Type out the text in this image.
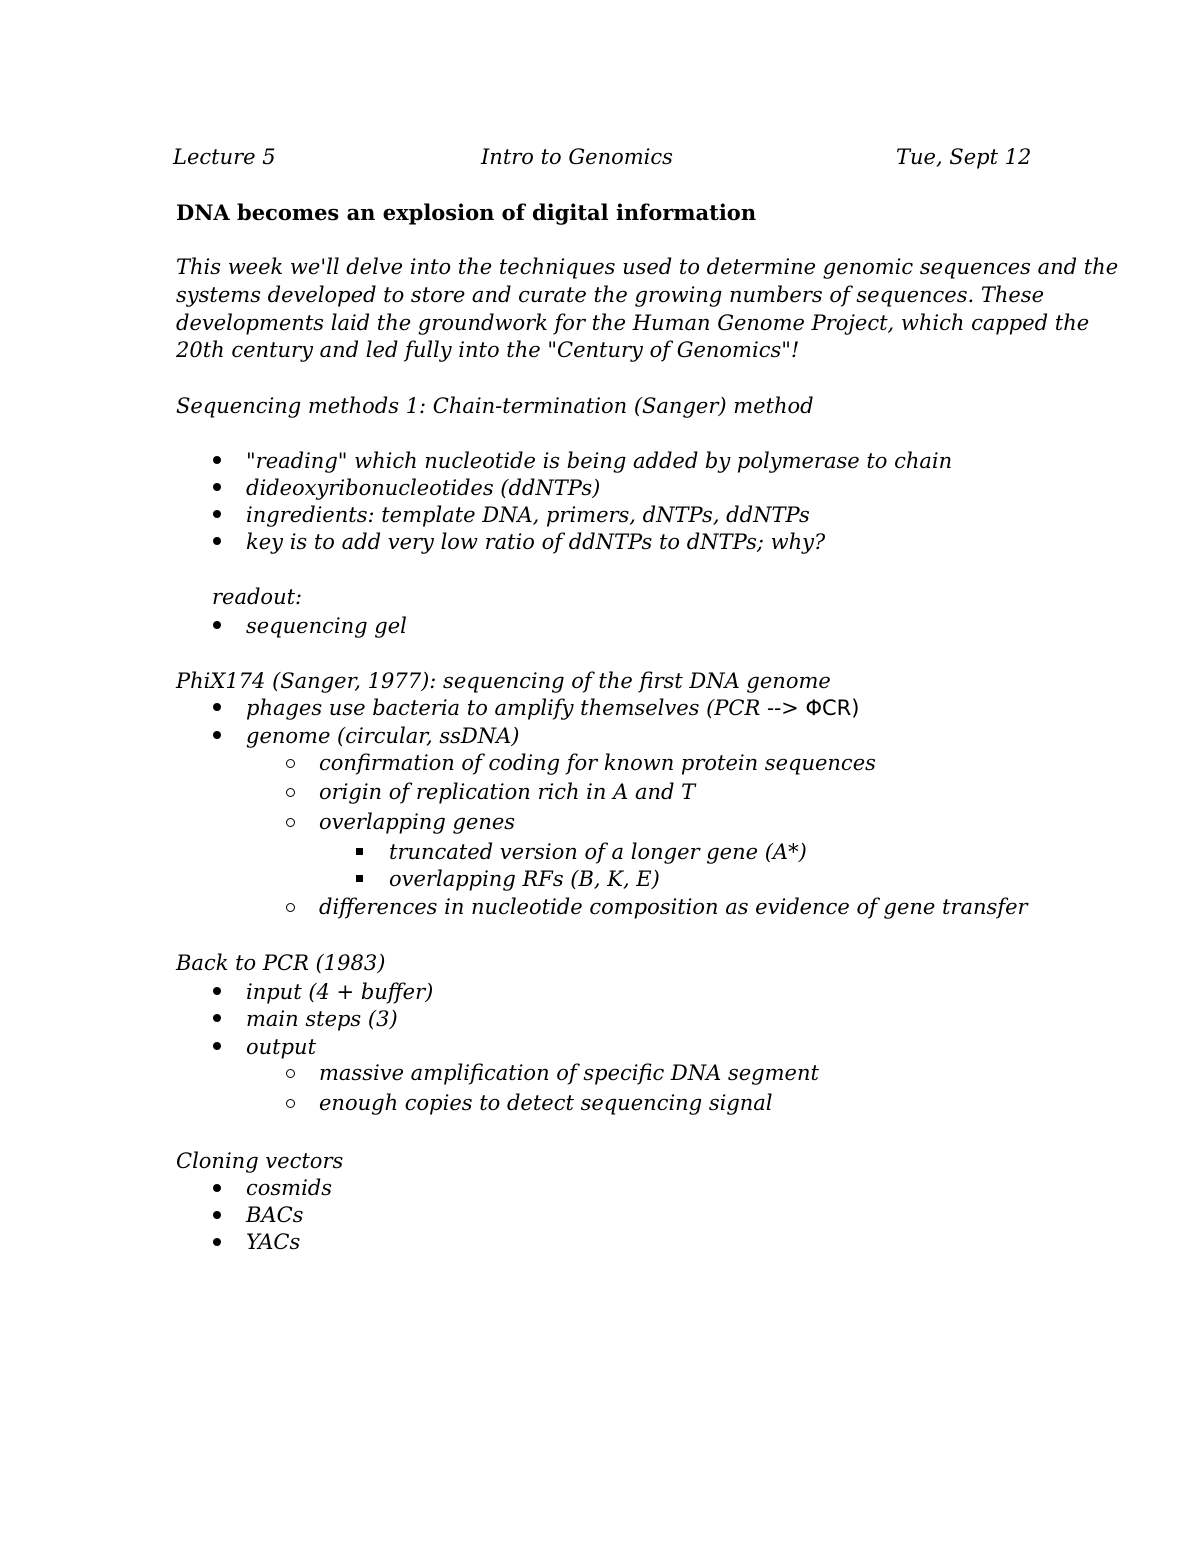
Lecture 5	Intro to Genomics	Tue, Sept 12
DNA becomes an explosion of digital information
This week we'll delve into the techniques used to determine genomic sequences and the
systems developed to store and curate the growing numbers of sequences. These
developments laid the groundwork for the Human Genome Project, which capped the
20th century and led fully into the "Century of Genomics"!
Sequencing methods 1: Chain-termination (Sanger) method
"reading" which nucleotide is being added by polymerase to chain
dideoxyribonucleotides (ddNTPs)
ingredients: template DNA, primers, dNTPs, ddNTPs
key is to add very low ratio of ddNTPs to dNTPs; why?
readout:
sequencing gel
PhiX174 (Sanger, 1977): sequencing of the first DNA genome
phages use bacteria to amplify themselves (PCR --> ΦCR)
genome (circular, ssDNA)
confirmation of coding for known protein sequences
origin of replication rich in A and T
overlapping genes
truncated version of a longer gene (A*)
overlapping RFs (B, K, E)
differences in nucleotide composition as evidence of gene transfer
Back to PCR (1983)
input (4 + buffer)
main steps (3)
output
massive amplification of specific DNA segment
enough copies to detect sequencing signal
Cloning vectors
cosmids
BACs
YACs
